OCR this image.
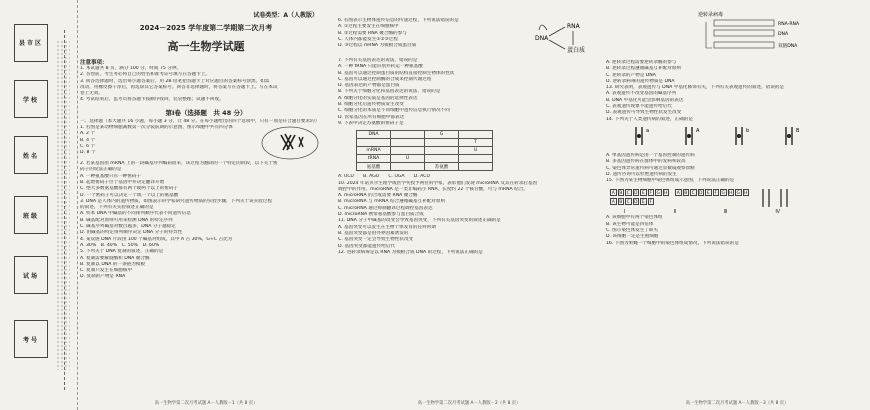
县市区
学校
姓名
班级
试场
考号
试卷类型：A（人教版）
2024－2025 学年度第二学期第二次月考
高一生物学试题
注意事项：
1. 本试题共 8 页，满分 100 分，时间 75 分钟。
2. 答卷前，考生务必将自己的姓名和准考证号填写在答题卡上。
3. 回答选择题时，选出每小题答案后，用 2B 铅笔把答题卡上对应题目的答案标号涂黑。如需
改动，用橡皮擦干净后，再选涂其它答案标号。回答非选择题时，将答案写在答题卡上。写在本试
卷上无效。
4. 考试结束后，监考员将答题卡按顺序收回，装袋整理；试题不回收。
第Ⅰ卷（选择题　共 48 分）
一、选择题（本大题共 16 小题，每小题 3 分，计 48 分。在每小题给出的四个选项中，只有一项是符合题目要求的）
1. 右图是某动物细胞减数第一次分裂前期的示意图，图示细胞中共有四分体
A. 2 个
B. 4 个
C. 6 个
D. 8 个
2. 若某基因由 mRNA 上的一段碱基序列编码而来，该过程为翻译的一个特定的阶段，以下关于密
码子的说法正确的是
A. 一种氨基酸只有一种密码子
B. 起始密码子位于基因中并决定翻译开始
C. 绝大多数氨基酸都有两个或两个以上的密码子
D. 一个密码子可以决定一个或一个以上的氨基酸
3. DNA 是人体内的遗传物质，如图表示科学家研究遗传物质的实验步骤，下列关于该实验过程
的叙述，下列有关实验叙述正确的是
A. 样本 DNA 中碱基的不同排列顺序代表不同遗传信息
B. 碱基配对原则可用来检测 DNA 的特定序列
C. 碱基序列碱基对数目越多，DNA 分子越稳定
D. 由碱基的特定排列顺序决定 DNA 分子的特异性
4. 某双链 DNA 片段由 100 个碱基对组成，其中 A 占 30%，G+C 占比为
A. 30%　B. 40%　C. 50%　D. 60%
5. 下列关于 DNA 复制的叙述，正确的是
A. 复制需要解旋酶和 DNA 聚合酶
B. 复制以 DNA 的一条链为模板
C. 复制只发生在细胞核中
D. 复制的产物是 RNA
高一生物学第二次月考试题 A－人教版－1（共 8 页）
6. 右图表示生物体遗传信息的传递过程，下列说法错误的是
A. ①过程主要发生在细胞核中
B. ②过程需要 RNA 聚合酶的参与
C. 人体内都能发生①②③过程
D. ③过程以 mRNA 为模板合成蛋白质
DNA
RNA
蛋白质
7. 下列有关基因表达的说法，错误的是
A. 一种 tRNA 只能识别并转运一种氨基酸
B. 基因可以通过控制蛋白质的结构直接控制生物体的性状
C. 基因可以通过控制酶的合成来控制代谢过程
D. 基因表达的产物都是蛋白质
8. 下列关于细胞分化和基因表达的说法，错误的是
A. 细胞分化的实质是基因的选择性表达
B. 细胞分化后遗传物质发生改变
C. 细胞分化的本质是不同细胞中遗传信息执行情况不同
D. 管家基因在所有细胞中都表达
9. 下表中决定苏氨酸的密码子是
DNA		G	
			T
mRNA			U
tRNA	U		
氨基酸		苏氨酸	
A. UCU　　B. AGU　　C. UGA　　D. ACU
10. 2024 年诺贝尔生理学或医学奖授予两位科学家，表彰他们发现 microRNA 及其在转录后基因
调控中的作用。microRNA 是一类非编码小 RNA，长度约 22 个核苷酸，可与 mRNA 结合。
A. microRNA 的合成需要 RNA 聚合酶
B. microRNA 与 mRNA 结合遵循碱基互补配对原则
C. microRNA 通过抑制翻译过程调控基因表达
D. microRNA 携带氨基酸参与蛋白质合成
11. DNA 分子中碱基的改变会导致基因突变，下列有关基因突变的叙述正确的是
A. 基因突变可以发生在生物个体发育的任何时期
B. 基因突变都是由外界因素诱发的
C. 基因突变一定会导致生物性状改变
D. 基因突变都能遗传给后代
12. 进转录病毒是以 RNA 为模板合成 DNA 的过程，下列说法正确的是
高一生物学第二次月考试题 A－人教版－2（共 8 页）
逆转录病毒
RNA-RNA
DNA
双链DNA
A. 逆转录过程需要逆转录酶的参与
B. 逆转录过程遵循碱基互补配对原则
C. 逆转录的产物是 DNA
D. 逆转录病毒的遗传物质是 DNA
13. 研究表明，表观遗传与 DNA 甲基化修饰有关，下列有关表观遗传的叙述，错误的是
A. 表观遗传不改变基因的碱基序列
B. DNA 甲基化可能会影响基因的表达
C. 表观遗传现象不能遗传给后代
D. 表观遗传可导致生物性状发生改变
14. 下列关于人类遗传病的叙述，正确的是
a	A	b	B
A. 单基因遗传病是由一个基因控制的遗传病
B. 多基因遗传病在群体中的发病率较高
C. 染色体异常遗传病可通过显微镜观察诊断
D. 遗传咨询可以杜绝遗传病的发生
15. 下图为某生物细胞中染色体组成示意图，下列说法正确的是
A B C D E	F G H
A B C D E	F
A B C D E	F G H G H
Ⅰ	Ⅱ	Ⅲ	Ⅳ
A. 该细胞中有两个染色体组
B. 该生物可能是四倍体
C. 图示染色体发生了缺失
D. 该细胞一定是生殖细胞
16. 下图为果蝇一个细胞中的染色体组成情况，下列说法错误的是
高一生物学第二次月考试题 A－人教版－3（共 8 页）
